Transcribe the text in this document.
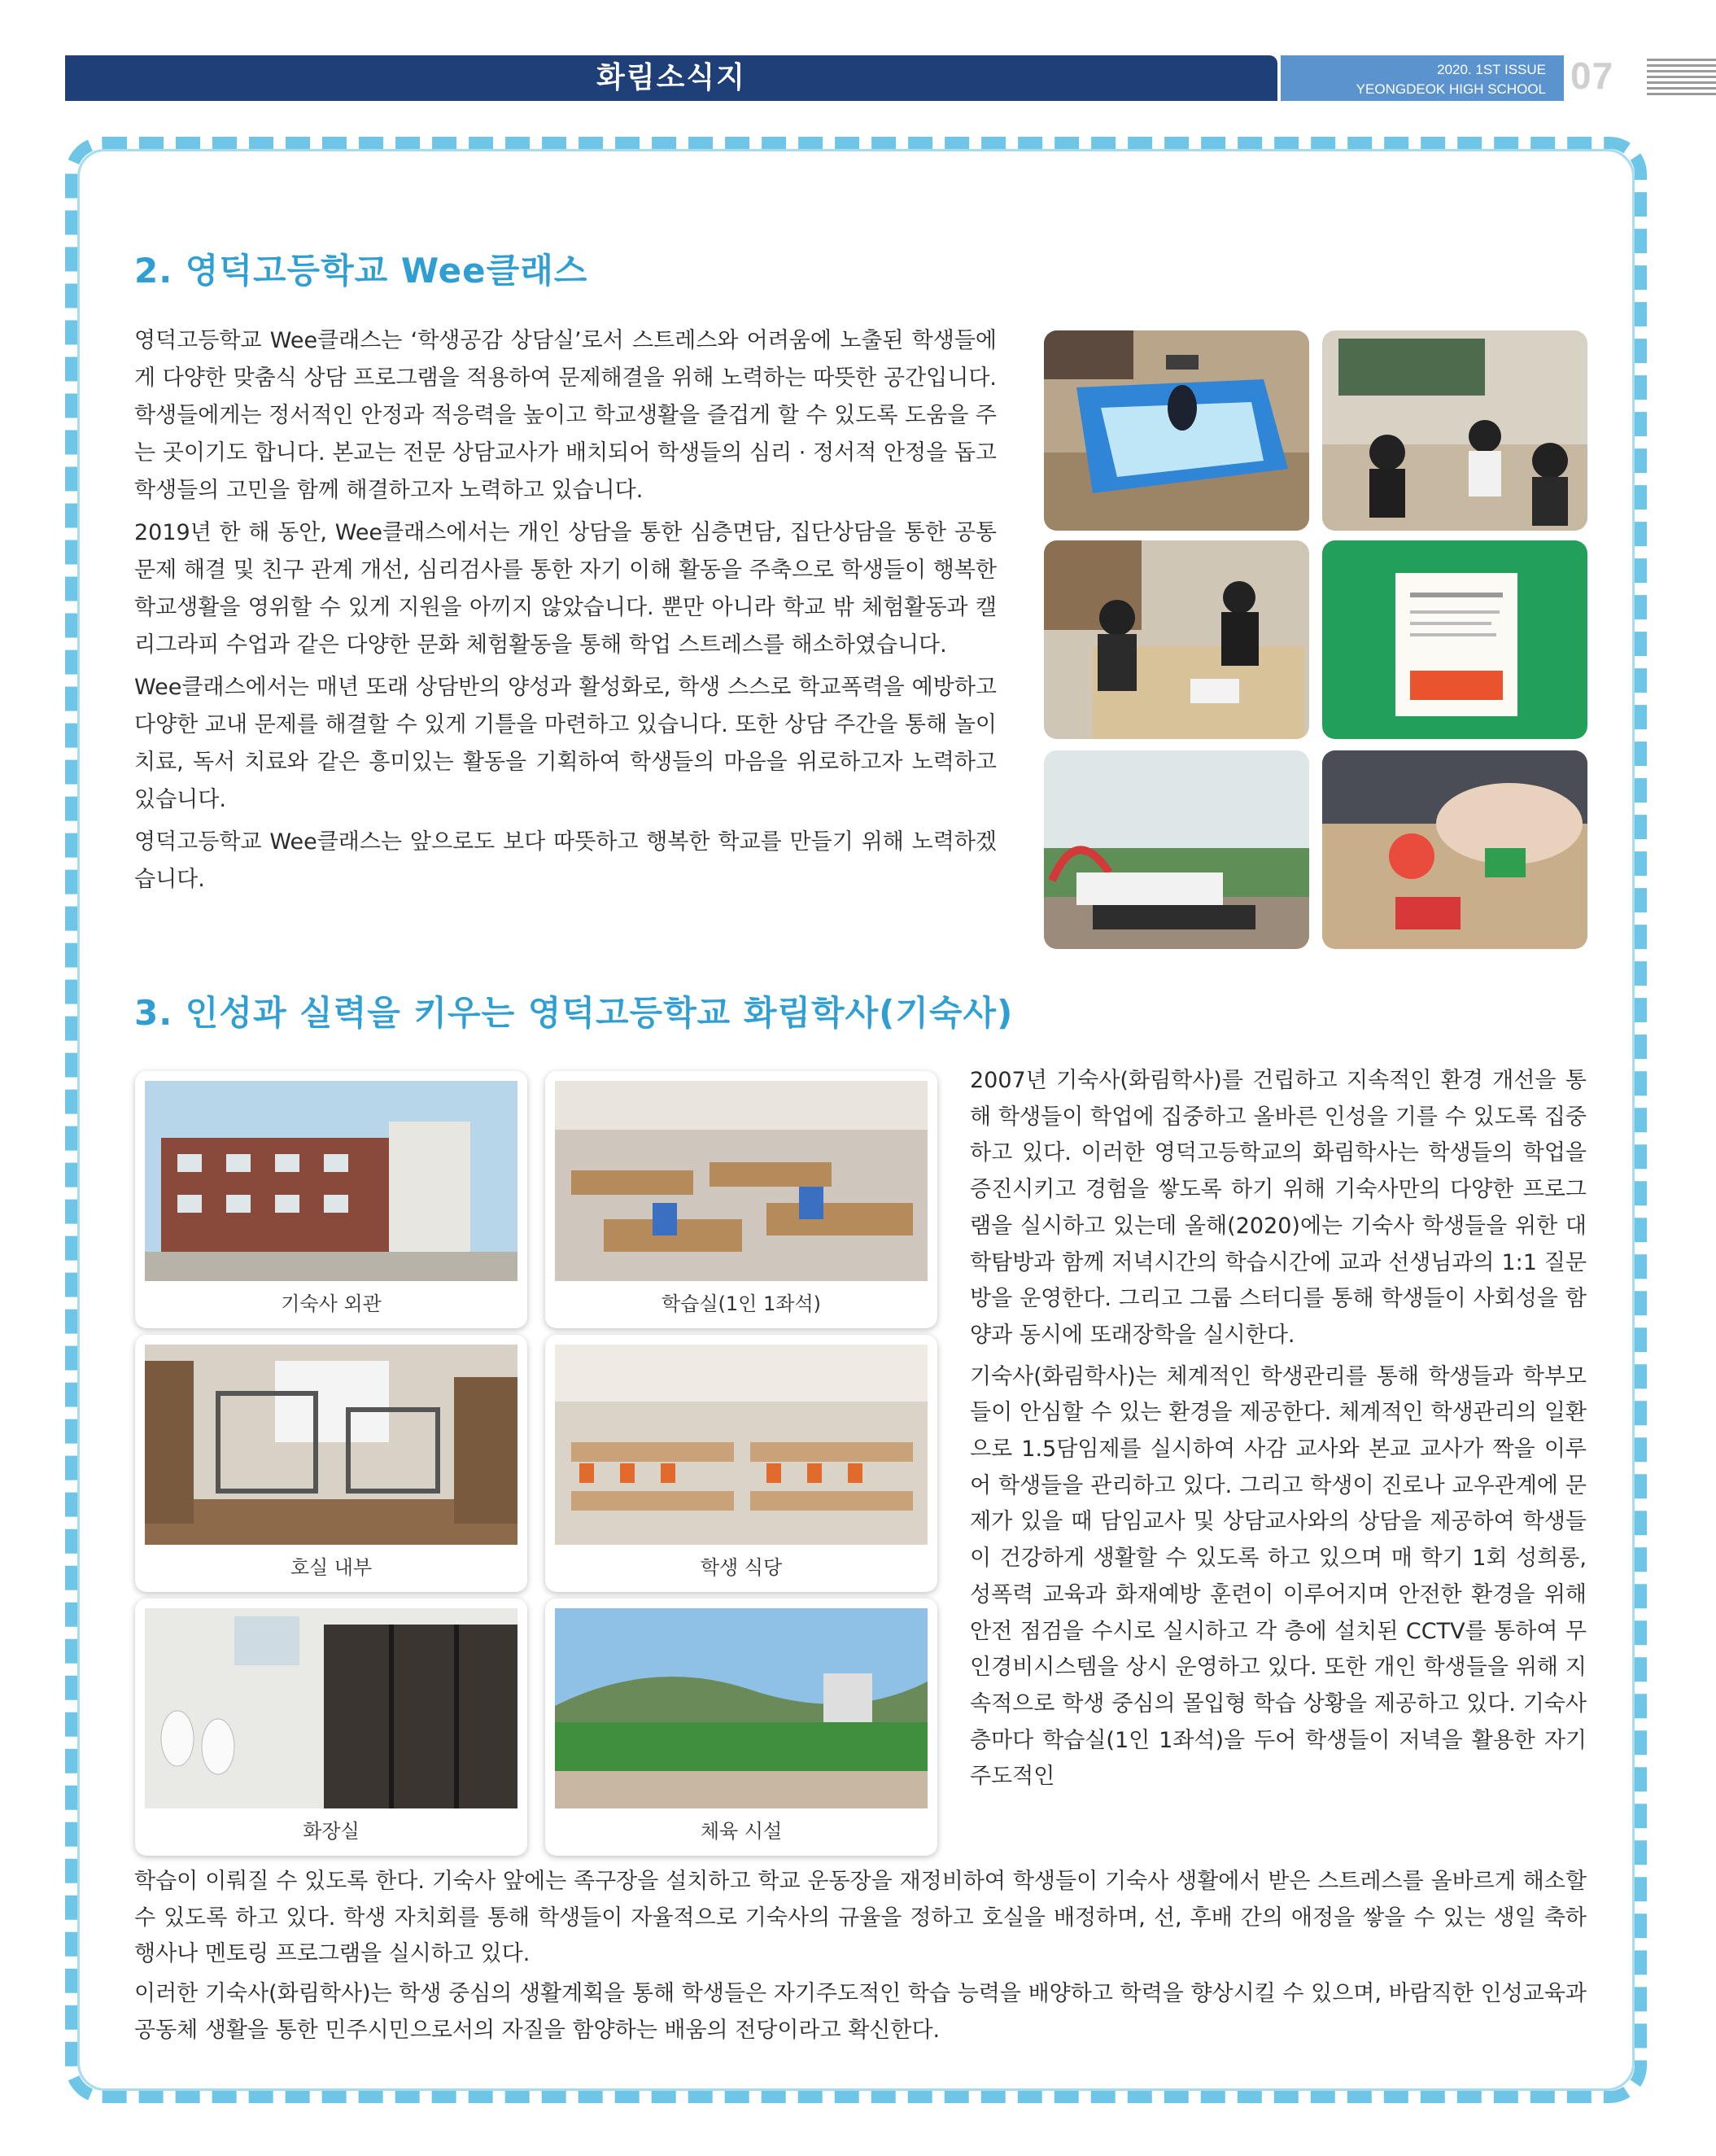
화림소식지	2020. 1ST ISSUE
YEONGDEOK HIGH SCHOOL 07
2. 영덕고등학교 Wee클래스

영덕고등학교 Wee클래스는 ‘학생공감 상담실’로서 스트레스와 어려움에 노출된 학생들에게 다양한 맞춤식 상담 프로그램을 적용하여 문제해결을 위해 노력하는 따뜻한 공간입니다. 학생들에게는 정서적인 안정과 적응력을 높이고 학교생활을 즐겁게 할 수 있도록 도움을 주는 곳이기도 합니다. 본교는 전문 상담교사가 배치되어 학생들의 심리 · 정서적 안정을 돕고 학생들의 고민을 함께 해결하고자 노력하고 있습니다.

2019년 한 해 동안, Wee클래스에서는 개인 상담을 통한 심층면담, 집단상담을 통한 공통문제 해결 및 친구 관계 개선, 심리검사를 통한 자기 이해 활동을 주축으로 학생들이 행복한 학교생활을 영위할 수 있게 지원을 아끼지 않았습니다. 뿐만 아니라 학교 밖 체험활동과 캘리그라피 수업과 같은 다양한 문화 체험활동을 통해 학업 스트레스를 해소하였습니다.

Wee클래스에서는 매년 또래 상담반의 양성과 활성화로, 학생 스스로 학교폭력을 예방하고 다양한 교내 문제를 해결할 수 있게 기틀을 마련하고 있습니다. 또한 상담 주간을 통해 놀이 치료, 독서 치료와 같은 흥미있는 활동을 기획하여 학생들의 마음을 위로하고자 노력하고 있습니다.

영덕고등학교 Wee클래스는 앞으로도 보다 따뜻하고 행복한 학교를 만들기 위해 노력하겠습니다.

3. 인성과 실력을 키우는 영덕고등학교 화림학사(기숙사)
기숙사 외관	학습실(1인 1좌석)
호실 내부	학생 식당
화장실	체육 시설

2007년 기숙사(화림학사)를 건립하고 지속적인 환경 개선을 통해 학생들이 학업에 집중하고 올바른 인성을 기를 수 있도록 집중하고 있다. 이러한 영덕고등학교의 화림학사는 학생들의 학업을 증진시키고 경험을 쌓도록 하기 위해 기숙사만의 다양한 프로그램을 실시하고 있는데 올해(2020)에는 기숙사 학생들을 위한 대학탐방과 함께 저녁시간의 학습시간에 교과 선생님과의 1:1 질문방을 운영한다. 그리고 그룹 스터디를 통해 학생들이 사회성을 함양과 동시에 또래장학을 실시한다.

기숙사(화림학사)는 체계적인 학생관리를 통해 학생들과 학부모들이 안심할 수 있는 환경을 제공한다. 체계적인 학생관리의 일환으로 1.5담임제를 실시하여 사감 교사와 본교 교사가 짝을 이루어 학생들을 관리하고 있다. 그리고 학생이 진로나 교우관계에 문제가 있을 때 담임교사 및 상담교사와의 상담을 제공하여 학생들이 건강하게 생활할 수 있도록 하고 있으며 매 학기 1회 성희롱, 성폭력 교육과 화재예방 훈련이 이루어지며 안전한 환경을 위해 안전 점검을 수시로 실시하고 각 층에 설치된 CCTV를 통하여 무인경비시스템을 상시 운영하고 있다. 또한 개인 학생들을 위해 지속적으로 학생 중심의 몰입형 학습 상황을 제공하고 있다. 기숙사 층마다 학습실(1인 1좌석)을 두어 학생들이 저녁을 활용한 자기주도적인

학습이 이뤄질 수 있도록 한다. 기숙사 앞에는 족구장을 설치하고 학교 운동장을 재정비하여 학생들이 기숙사 생활에서 받은 스트레스를 올바르게 해소할 수 있도록 하고 있다. 학생 자치회를 통해 학생들이 자율적으로 기숙사의 규율을 정하고 호실을 배정하며, 선, 후배 간의 애정을 쌓을 수 있는 생일 축하 행사나 멘토링 프로그램을 실시하고 있다.

이러한 기숙사(화림학사)는 학생 중심의 생활계획을 통해 학생들은 자기주도적인 학습 능력을 배양하고 학력을 향상시킬 수 있으며, 바람직한 인성교육과 공동체 생활을 통한 민주시민으로서의 자질을 함양하는 배움의 전당이라고 확신한다.
